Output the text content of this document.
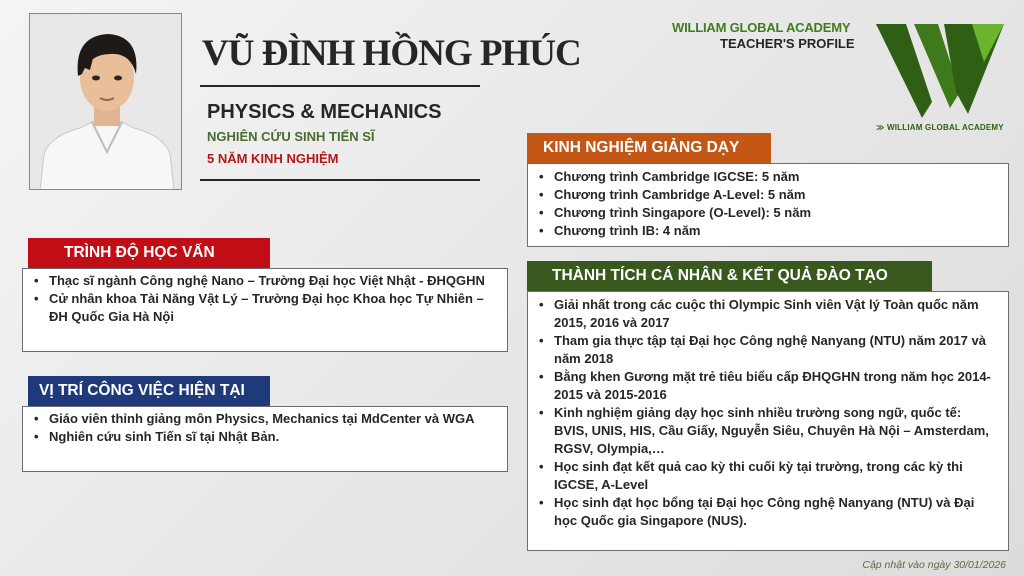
VŨ ĐÌNH HỒNG PHÚC
PHYSICS & MECHANICS
NGHIÊN CỨU SINH TIẾN SĨ
5 NĂM KINH NGHIỆM
WILLIAM GLOBAL ACADEMY
TEACHER'S PROFILE
≫ WILLIAM GLOBAL ACADEMY
TRÌNH ĐỘ HỌC VẤN
• Thạc sĩ ngành Công nghệ Nano – Trường Đại học Việt Nhật - ĐHQGHN
• Cử nhân khoa Tài Năng Vật Lý – Trường Đại học Khoa học Tự Nhiên – ĐH Quốc Gia Hà Nội
VỊ TRÍ CÔNG VIỆC HIỆN TẠI
• Giáo viên thỉnh giảng môn Physics, Mechanics tại MdCenter và WGA
• Nghiên cứu sinh Tiến sĩ tại Nhật Bản.
KINH NGHIỆM GIẢNG DẠY
• Chương trình Cambridge IGCSE: 5 năm
• Chương trình Cambridge A-Level: 5 năm
• Chương trình Singapore (O-Level): 5 năm
• Chương trình IB: 4 năm
THÀNH TÍCH CÁ NHÂN & KẾT QUẢ ĐÀO TẠO
• Giải nhất trong các cuộc thi Olympic Sinh viên Vật lý Toàn quốc năm 2015, 2016 và 2017
• Tham gia thực tập tại Đại học Công nghệ Nanyang (NTU) năm 2017 và năm 2018
• Bằng khen Gương mặt trẻ tiêu biểu cấp ĐHQGHN trong năm học 2014-2015 và 2015-2016
• Kinh nghiệm giảng dạy học sinh nhiều trường song ngữ, quốc tế: BVIS, UNIS, HIS, Cầu Giấy, Nguyễn Siêu, Chuyên Hà Nội – Amsterdam, RGSV, Olympia,…
• Học sinh đạt kết quả cao kỳ thi cuối kỳ tại trường, trong các kỳ thi IGCSE, A-Level
• Học sinh đạt học bổng tại Đại học Công nghệ Nanyang (NTU) và Đại học Quốc gia Singapore (NUS).
Cập nhật vào ngày 30/01/2026
